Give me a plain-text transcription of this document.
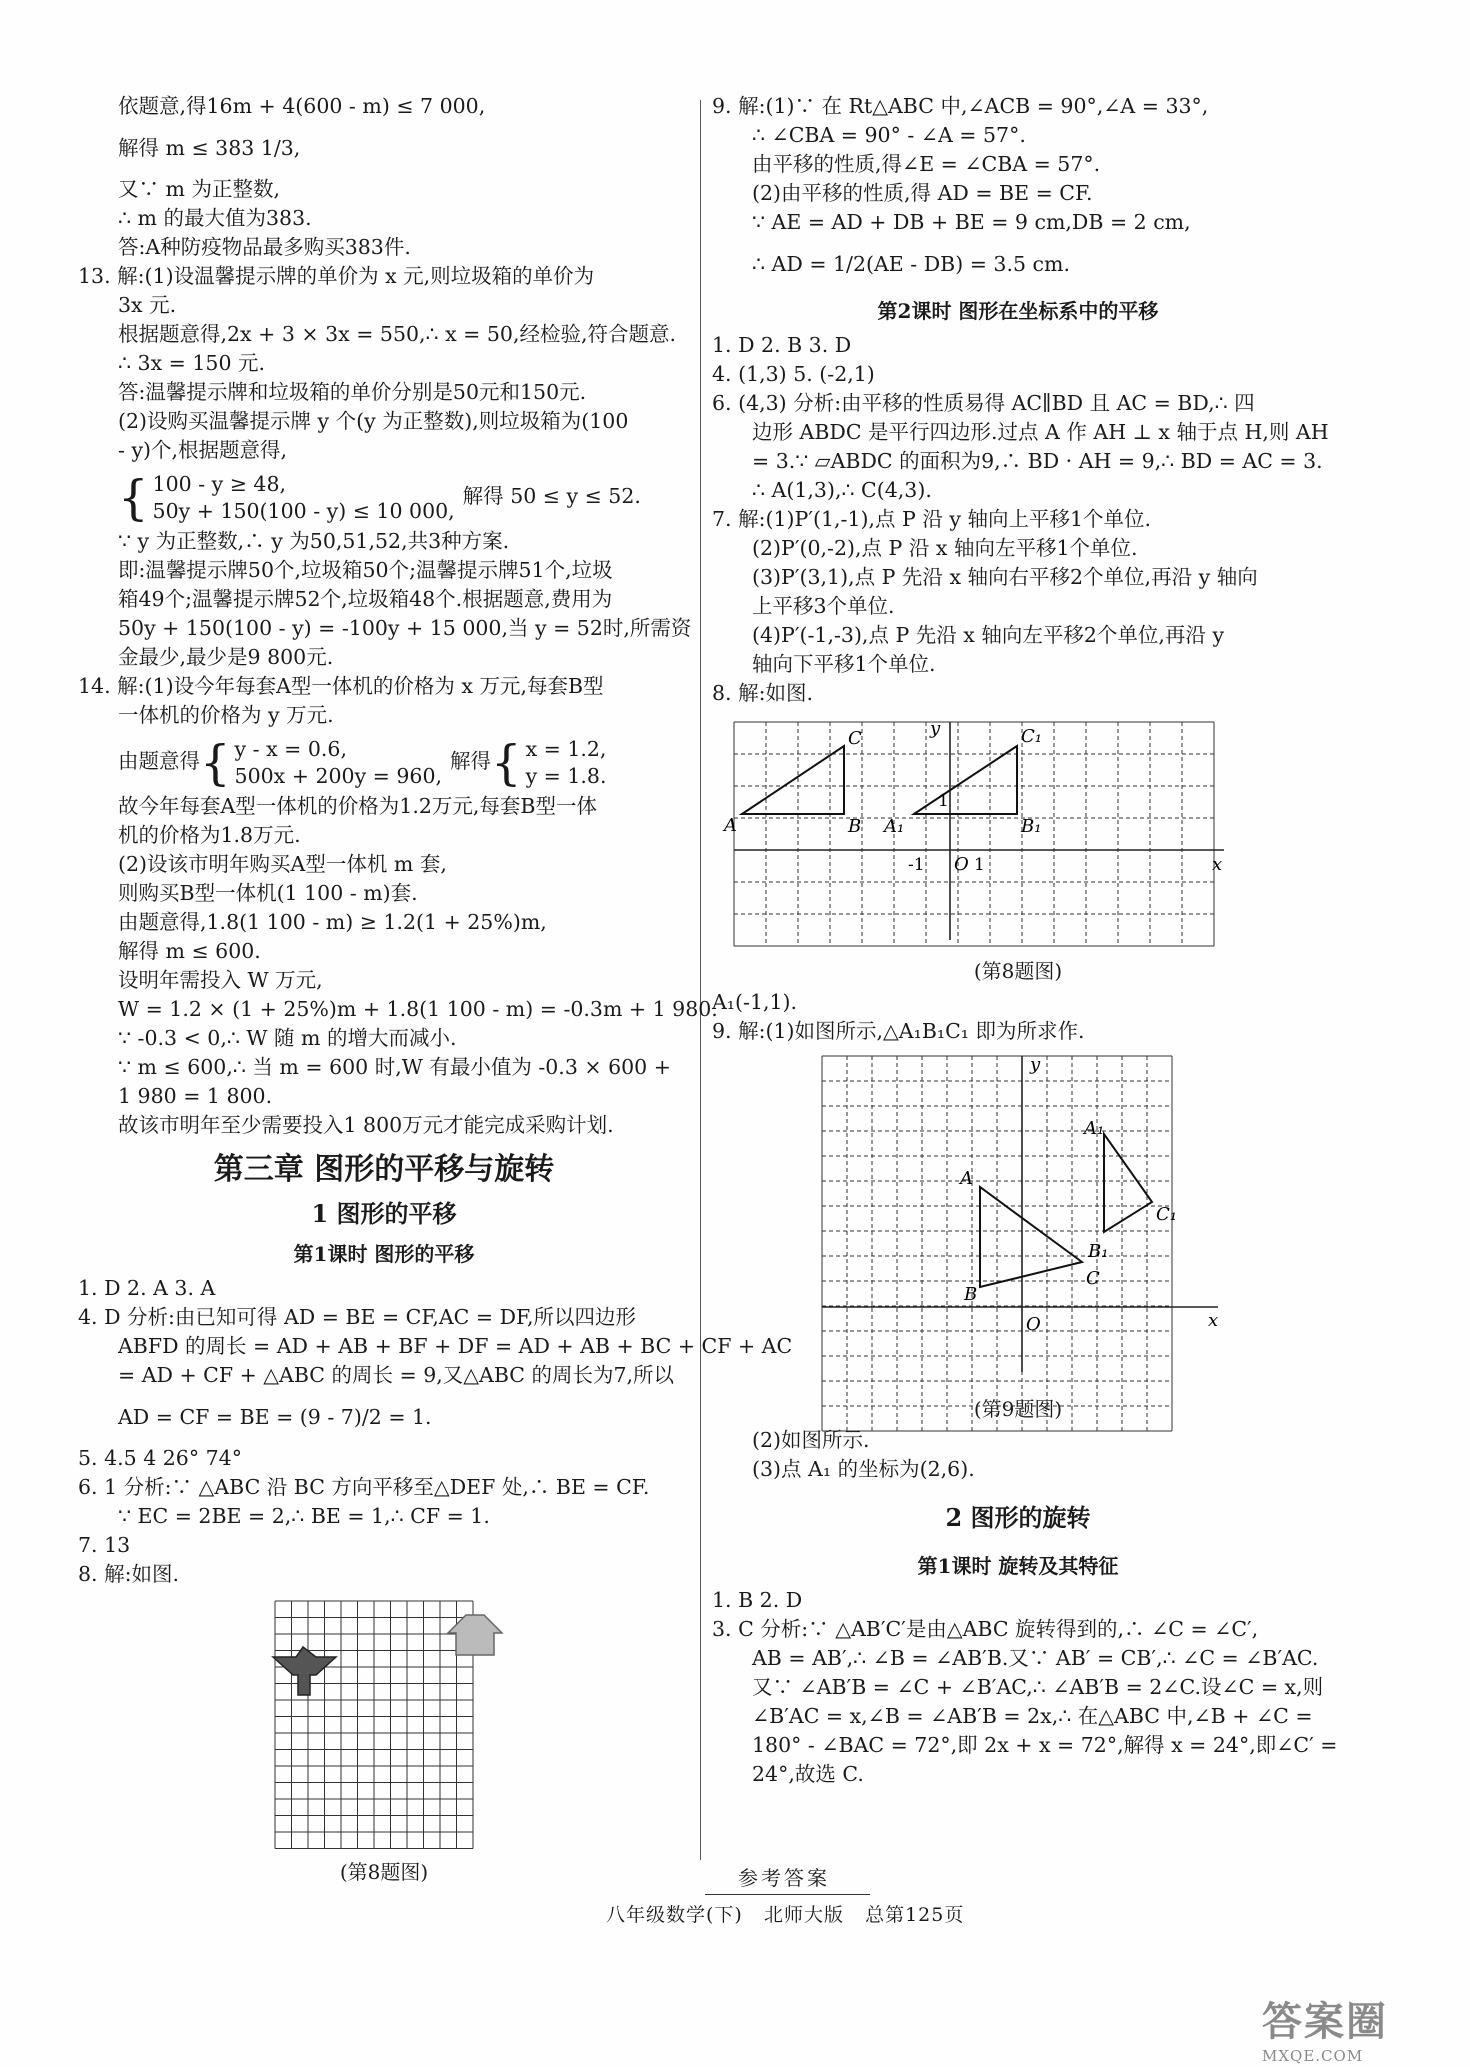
依题意,得16m + 4(600 - m) ≤ 7 000,
解得 m ≤ 383 1/3,
又∵ m 为正整数,
∴ m 的最大值为383.
答:A种防疫物品最多购买383件.
13. 解:(1)设温馨提示牌的单价为 x 元,则垃圾箱的单价为
3x 元.
根据题意得,2x + 3 × 3x = 550,∴ x = 50,经检验,符合题意.
∴ 3x = 150 元.
答:温馨提示牌和垃圾箱的单价分别是50元和150元.
(2)设购买温馨提示牌 y 个(y 为正整数),则垃圾箱为(100
- y)个,根据题意得,
{ 100 - y ≥ 48,
50y + 150(100 - y) ≤ 10 000,
解得 50 ≤ y ≤ 52.
∵ y 为正整数,∴ y 为50,51,52,共3种方案.
即:温馨提示牌50个,垃圾箱50个;温馨提示牌51个,垃圾
箱49个;温馨提示牌52个,垃圾箱48个.根据题意,费用为
50y + 150(100 - y) = -100y + 15 000,当 y = 52时,所需资
金最少,最少是9 800元.
14. 解:(1)设今年每套A型一体机的价格为 x 万元,每套B型
一体机的价格为 y 万元.
由题意得{ y - x = 0.6,
500x + 200y = 960,
解得{ x = 1.2,
y = 1.8.
故今年每套A型一体机的价格为1.2万元,每套B型一体
机的价格为1.8万元.
(2)设该市明年购买A型一体机 m 套,
则购买B型一体机(1 100 - m)套.
由题意得,1.8(1 100 - m) ≥ 1.2(1 + 25%)m,
解得 m ≤ 600.
设明年需投入 W 万元,
W = 1.2 × (1 + 25%)m + 1.8(1 100 - m) = -0.3m + 1 980.
∵ -0.3 < 0,∴ W 随 m 的增大而减小.
∵ m ≤ 600,∴ 当 m = 600 时,W 有最小值为 -0.3 × 600 +
1 980 = 1 800.
故该市明年至少需要投入1 800万元才能完成采购计划.
第三章 图形的平移与旋转
1 图形的平移
第1课时 图形的平移
1. D 2. A 3. A
4. D 分析:由已知可得 AD = BE = CF,AC = DF,所以四边形
ABFD 的周长 = AD + AB + BF + DF = AD + AB + BC + CF + AC
= AD + CF + △ABC 的周长 = 9,又△ABC 的周长为7,所以
AD = CF = BE = (9 - 7)/2 = 1.
5. 4.5 4 26° 74°
6. 1 分析:∵ △ABC 沿 BC 方向平移至△DEF 处,∴ BE = CF.
∵ EC = 2BE = 2,∴ BE = 1,∴ CF = 1.
7. 13
8. 解:如图.
(第8题图)
9. 解:(1)∵ 在 Rt△ABC 中,∠ACB = 90°,∠A = 33°,
∴ ∠CBA = 90° - ∠A = 57°.
由平移的性质,得∠E = ∠CBA = 57°.
(2)由平移的性质,得 AD = BE = CF.
∵ AE = AD + DB + BE = 9 cm,DB = 2 cm,
∴ AD = 1/2(AE - DB) = 3.5 cm.
第2课时 图形在坐标系中的平移
1. D 2. B 3. D
4. (1,3) 5. (-2,1)
6. (4,3) 分析:由平移的性质易得 AC∥BD 且 AC = BD,∴ 四
边形 ABDC 是平行四边形.过点 A 作 AH ⊥ x 轴于点 H,则 AH
= 3.∵ ▱ABDC 的面积为9,∴ BD · AH = 9,∴ BD = AC = 3.
∴ A(1,3),∴ C(4,3).
7. 解:(1)P′(1,-1),点 P 沿 y 轴向上平移1个单位.
(2)P′(0,-2),点 P 沿 x 轴向左平移1个单位.
(3)P′(3,1),点 P 先沿 x 轴向右平移2个单位,再沿 y 轴向
上平移3个单位.
(4)P′(-1,-3),点 P 先沿 x 轴向左平移2个单位,再沿 y
轴向下平移1个单位.
8. 解:如图.
A	B
C
A₁	B₁
C₁
O 1
-1
1
x
y
(第8题图)
A₁(-1,1).
9. 解:(1)如图所示,△A₁B₁C₁ 即为所求作.
A
B
C
A₁
B₁
C₁
O	x
y
(第9题图)
(2)如图所示.
(3)点 A₁ 的坐标为(2,6).
2 图形的旋转
第1课时 旋转及其特征
1. B 2. D
3. C 分析:∵ △AB′C′是由△ABC 旋转得到的,∴ ∠C = ∠C′,
AB = AB′,∴ ∠B = ∠AB′B.又∵ AB′ = CB′,∴ ∠C = ∠B′AC.
又∵ ∠AB′B = ∠C + ∠B′AC,∴ ∠AB′B = 2∠C.设∠C = x,则
∠B′AC = x,∠B = ∠AB′B = 2x,∴ 在△ABC 中,∠B + ∠C =
180° - ∠BAC = 72°,即 2x + x = 72°,解得 x = 24°,即∠C′ =
24°,故选 C.
参考答案
八年级数学(下) 北师大版 总第125页
答案圈
MXQE.COM
